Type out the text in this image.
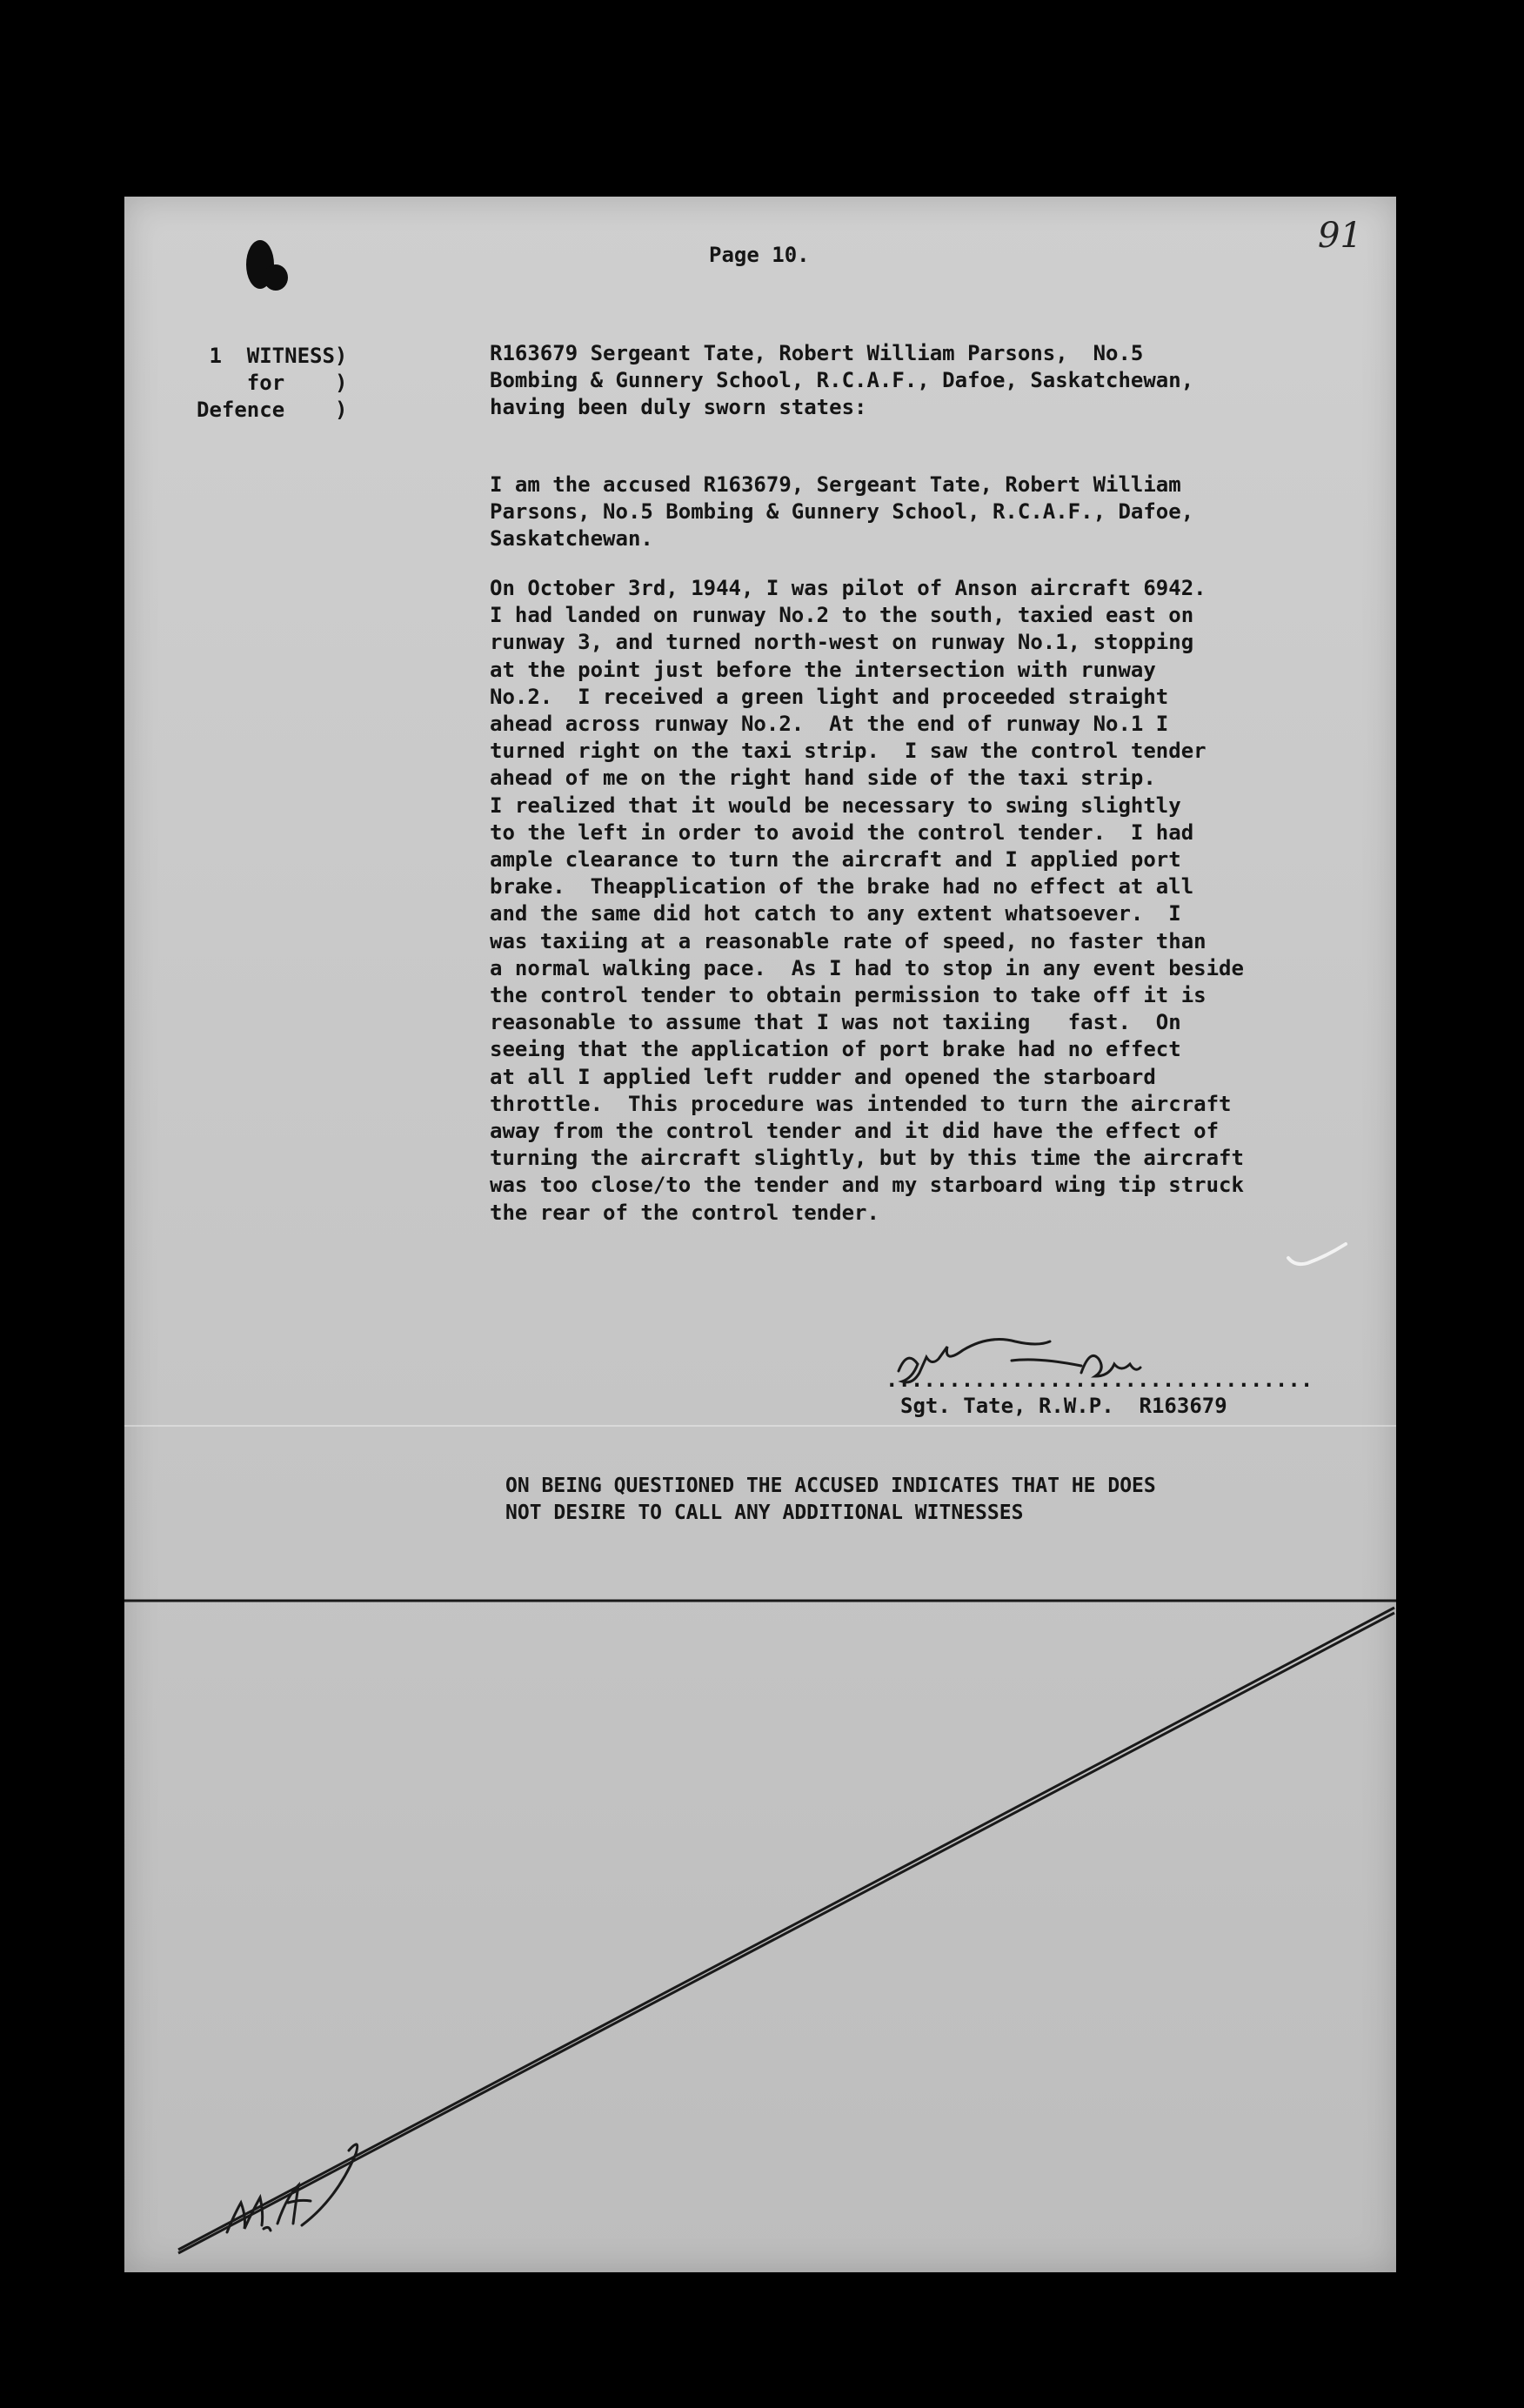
Page 10.	91
1  WITNESS)
for    )
Defence    )
R163679 Sergeant Tate, Robert William Parsons,  No.5
Bombing & Gunnery School, R.C.A.F., Dafoe, Saskatchewan,
having been duly sworn states:
I am the accused R163679, Sergeant Tate, Robert William
Parsons, No.5 Bombing & Gunnery School, R.C.A.F., Dafoe,
Saskatchewan.
On October 3rd, 1944, I was pilot of Anson aircraft 6942.
I had landed on runway No.2 to the south, taxied east on
runway 3, and turned north-west on runway No.1, stopping
at the point just before the intersection with runway
No.2.  I received a green light and proceeded straight
ahead across runway No.2.  At the end of runway No.1 I
turned right on the taxi strip.  I saw the control tender
ahead of me on the right hand side of the taxi strip.
I realized that it would be necessary to swing slightly
to the left in order to avoid the control tender.  I had
ample clearance to turn the aircraft and I applied port
brake.  Theapplication of the brake had no effect at all
and the same did hot catch to any extent whatsoever.  I
was taxiing at a reasonable rate of speed, no faster than
a normal walking pace.  As I had to stop in any event beside
the control tender to obtain permission to take off it is
reasonable to assume that I was not taxiing   fast.  On
seeing that the application of port brake had no effect
at all I applied left rudder and opened the starboard
throttle.  This procedure was intended to turn the aircraft
away from the control tender and it did have the effect of
turning the aircraft slightly, but by this time the aircraft
was too close/to the tender and my starboard wing tip struck
the rear of the control tender.
..................................
Sgt. Tate, R.W.P.  R163679
ON BEING QUESTIONED THE ACCUSED INDICATES THAT HE DOES
NOT DESIRE TO CALL ANY ADDITIONAL WITNESSES
